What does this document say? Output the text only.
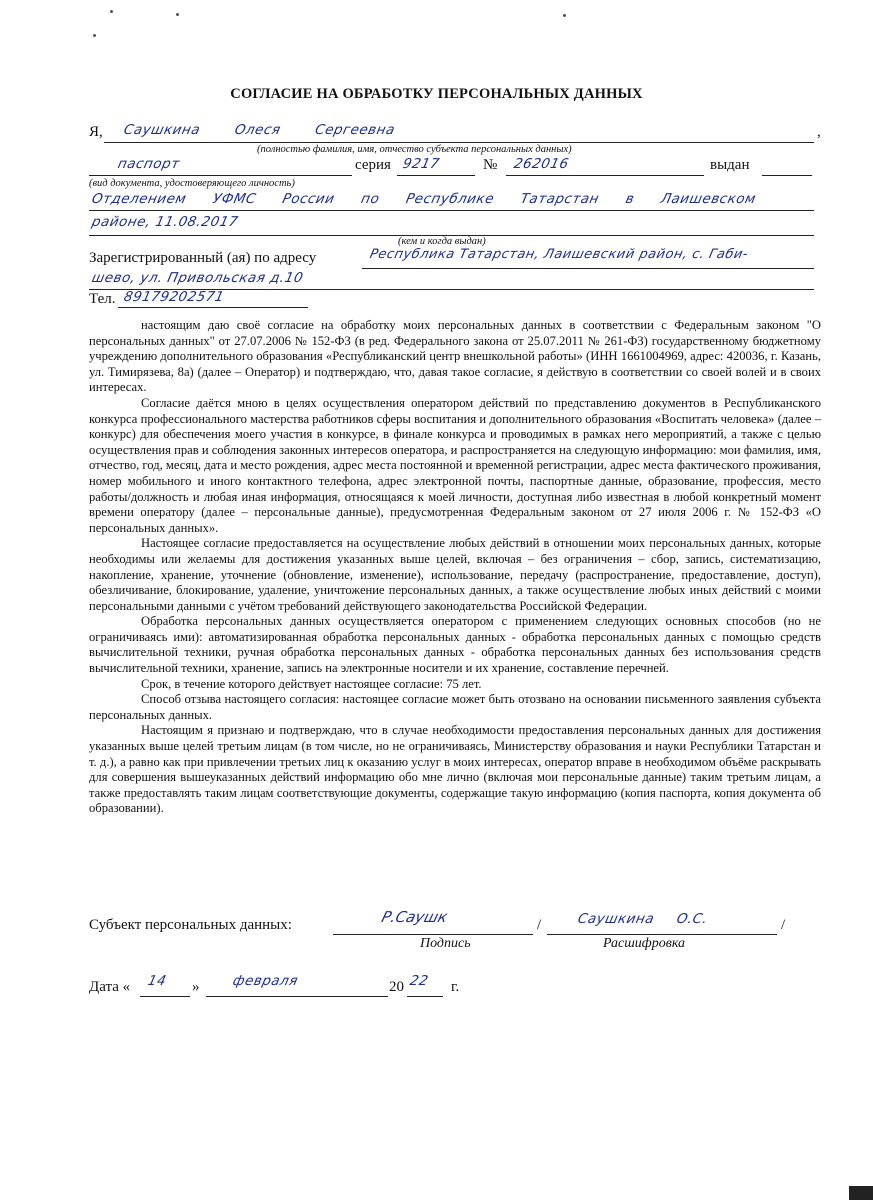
СОГЛАСИЕ НА ОБРАБОТКУ ПЕРСОНАЛЬНЫХ ДАННЫХ
Я, Саушкина Олеся Сергеевна	,
(полностью фамилия, имя, отчество субъекта персональных данных)
паспорт	серия 9217	№ 262016	выдан
(вид документа, удостоверяющего личность)
Отделением УФМС России по Республике Татарстан в Лаишевском
районе, 11.08.2017
(кем и когда выдан)
Зарегистрированный (ая) по адресу	Республика Татарстан, Лаишевский район, с. Габи-
шево, ул. Привольская д.10
Тел. 89179202571

настоящим даю своё согласие на обработку моих персональных данных в соответствии с Федеральным законом "О персональных данных" от 27.07.2006 № 152-ФЗ (в ред. Федерального закона от 25.07.2011 № 261-ФЗ) государственному бюджетному учреждению дополнительного образования «Республиканский центр внешкольной работы» (ИНН 1661004969, адрес: 420036, г. Казань, ул. Тимирязева, 8а) (далее – Оператор) и подтверждаю, что, давая такое согласие, я действую в соответствии со своей волей и в своих интересах.

Согласие даётся мною в целях осуществления оператором действий по представлению документов в Республиканского конкурса профессионального мастерства работников сферы воспитания и дополнительного образования «Воспитать человека» (далее – конкурс) для обеспечения моего участия в конкурсе, в финале конкурса и проводимых в рамках него мероприятий, а также с целью осуществления прав и соблюдения законных интересов оператора, и распространяется на следующую информацию: мои фамилия, имя, отчество, год, месяц, дата и место рождения, адрес места постоянной и временной регистрации, адрес места фактического проживания, номер мобильного и иного контактного телефона, адрес электронной почты, паспортные данные, образование, профессия, место работы/должность и любая иная информация, относящаяся к моей личности, доступная либо известная в любой конкретный момент времени оператору (далее – персональные данные), предусмотренная Федеральным законом от 27 июля 2006 г. № 152-ФЗ «О персональных данных».

Настоящее согласие предоставляется на осуществление любых действий в отношении моих персональных данных, которые необходимы или желаемы для достижения указанных выше целей, включая – без ограничения – сбор, запись, систематизацию, накопление, хранение, уточнение (обновление, изменение), использование, передачу (распространение, предоставление, доступ), обезличивание, блокирование, удаление, уничтожение персональных данных, а также осуществление любых иных действий с моими персональными данными с учётом требований действующего законодательства Российской Федерации.

Обработка персональных данных осуществляется оператором с применением следующих основных способов (но не ограничиваясь ими): автоматизированная обработка персональных данных - обработка персональных данных с помощью средств вычислительной техники, ручная обработка персональных данных - обработка персональных данных без использования средств вычислительной техники, хранение, запись на электронные носители и их хранение, составление перечней.

Срок, в течение которого действует настоящее согласие: 75 лет.

Способ отзыва настоящего согласия: настоящее согласие может быть отозвано на основании письменного заявления субъекта персональных данных.

Настоящим я признаю и подтверждаю, что в случае необходимости предоставления персональных данных для достижения указанных выше целей третьим лицам (в том числе, но не ограничиваясь, Министерству образования и науки Республики Татарстан и т. д.), а равно как при привлечении третьих лиц к оказанию услуг в моих интересах, оператор вправе в необходимом объёме раскрывать для совершения вышеуказанных действий информацию обо мне лично (включая мои персональные данные) таким третьим лицам, а также предоставлять таким лицам соответствующие документы, содержащие такую информацию (копия паспорта, копия документа об образовании).

Субъект персональных данных:	Р.Саушк	/	Саушкина О.С.	/
Подпись	Расшифровка
Дата « 14 » февраля	20 22 г.
